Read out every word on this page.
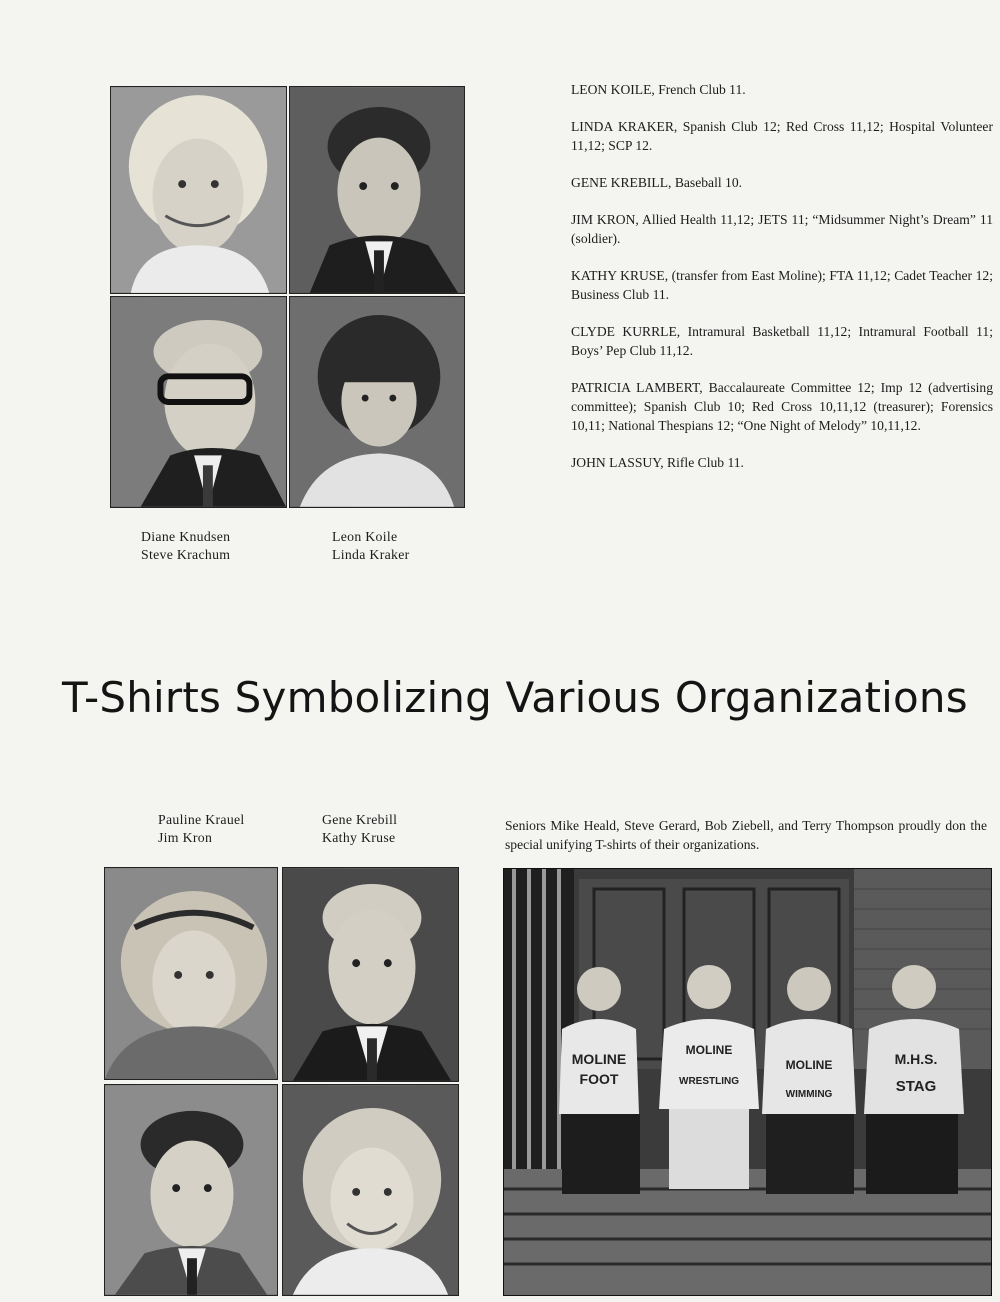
LEON KOILE, French Club 11.
LINDA KRAKER, Spanish Club 12; Red Cross 11,12; Hospital Volunteer 11,12; SCP 12.
GENE KREBILL, Baseball 10.
JIM KRON, Allied Health 11,12; JETS 11; “Midsummer Night’s Dream” 11 (soldier).
KATHY KRUSE, (transfer from East Moline); FTA 11,12; Cadet Teacher 12; Business Club 11.
CLYDE KURRLE, Intramural Basketball 11,12; Intramural Football 11; Boys’ Pep Club 11,12.
PATRICIA LAMBERT, Baccalaureate Committee 12; Imp 12 (advertising committee); Spanish Club 10; Red Cross 10,11,12 (treasurer); Forensics 10,11; National Thespians 12; “One Night of Melody” 10,11,12.
JOHN LASSUY, Rifle Club 11.
Diane Knudsen
Steve Krachum
Leon Koile
Linda Kraker
T-Shirts Symbolizing Various Organizations
Pauline Krauel
Jim Kron
Gene Krebill
Kathy Kruse
Seniors Mike Heald, Steve Gerard, Bob Ziebell, and Terry Thompson proudly don the special unifying T-shirts of their organizations.
MOLINE
FOOT
MOLINE
WRESTLING
MOLINE
WIMMING
M.H.S.
STAG
